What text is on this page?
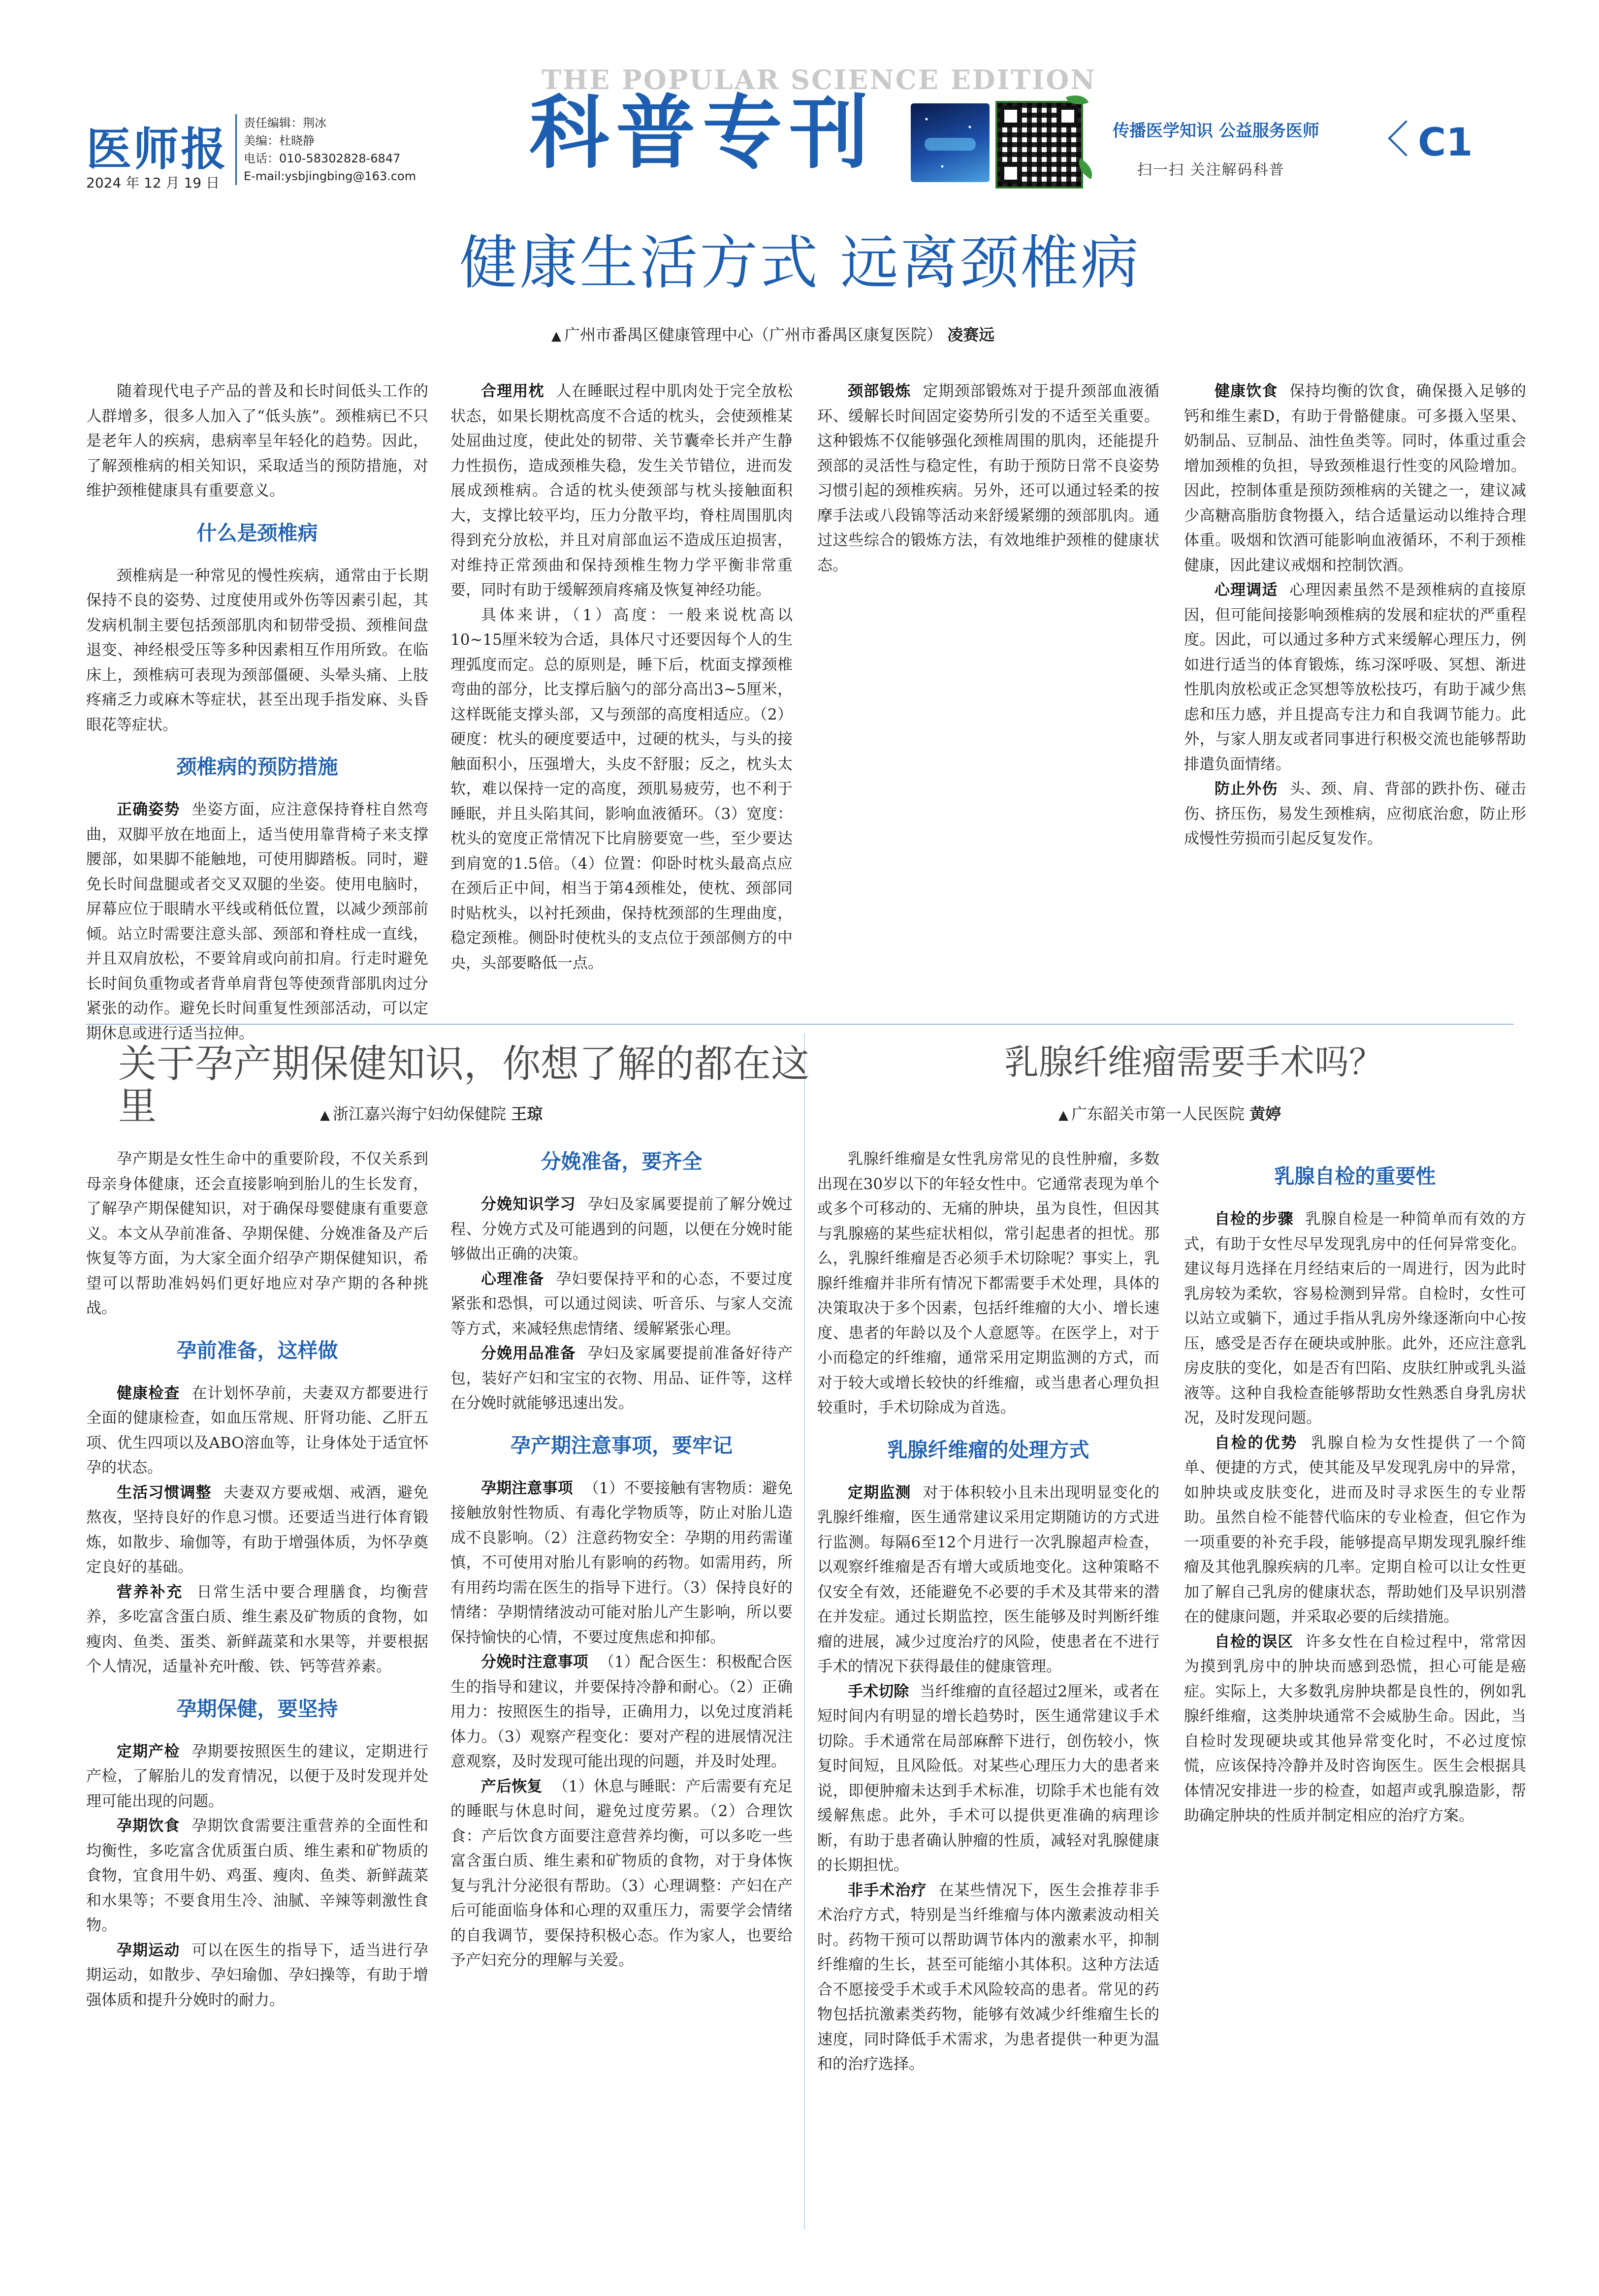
医师报
2024 年 12 月 19 日
责任编辑：荆冰
美编：杜晓静
电话：010-58302828-6847
E-mail:ysbjingbing@163.com
THE POPULAR SCIENCE EDITION
科普专刊	传播医学知识 公益服务医师
扫一扫 关注解码科普
C1
健康生活方式 远离颈椎病
▲ 广州市番禺区健康管理中心（广州市番禺区康复医院） 凌赛远

随着现代电子产品的普及和长时间低头工作的人群增多，很多人加入了“低头族”。颈椎病已不只是老年人的疾病，患病率呈年轻化的趋势。因此，了解颈椎病的相关知识，采取适当的预防措施，对维护颈椎健康具有重要意义。

什么是颈椎病

颈椎病是一种常见的慢性疾病，通常由于长期保持不良的姿势、过度使用或外伤等因素引起，其发病机制主要包括颈部肌肉和韧带受损、颈椎间盘退变、神经根受压等多种因素相互作用所致。在临床上，颈椎病可表现为颈部僵硬、头晕头痛、上肢疼痛乏力或麻木等症状，甚至出现手指发麻、头昏眼花等症状。

颈椎病的预防措施

正确姿势 坐姿方面，应注意保持脊柱自然弯曲，双脚平放在地面上，适当使用靠背椅子来支撑腰部，如果脚不能触地，可使用脚踏板。同时，避免长时间盘腿或者交叉双腿的坐姿。使用电脑时，屏幕应位于眼睛水平线或稍低位置，以减少颈部前倾。站立时需要注意头部、颈部和脊柱成一直线，并且双肩放松，不要耸肩或向前扣肩。行走时避免长时间负重物或者背单肩背包等使颈背部肌肉过分紧张的动作。避免长时间重复性颈部活动，可以定期休息或进行适当拉伸。

合理用枕 人在睡眠过程中肌肉处于完全放松状态，如果长期枕高度不合适的枕头，会使颈椎某处屈曲过度，使此处的韧带、关节囊牵长并产生静力性损伤，造成颈椎失稳，发生关节错位，进而发展成颈椎病。合适的枕头使颈部与枕头接触面积大，支撑比较平均，压力分散平均，脊柱周围肌肉得到充分放松，并且对肩部血运不造成压迫损害，对维持正常颈曲和保持颈椎生物力学平衡非常重要，同时有助于缓解颈肩疼痛及恢复神经功能。

具体来讲，（1）高度：一般来说枕高以10~15厘米较为合适，具体尺寸还要因每个人的生理弧度而定。总的原则是，睡下后，枕面支撑颈椎弯曲的部分，比支撑后脑勺的部分高出3~5厘米，这样既能支撑头部，又与颈部的高度相适应。（2）硬度：枕头的硬度要适中，过硬的枕头，与头的接触面积小，压强增大，头皮不舒服；反之，枕头太软，难以保持一定的高度，颈肌易疲劳，也不利于睡眠，并且头陷其间，影响血液循环。（3）宽度：枕头的宽度正常情况下比肩膀要宽一些，至少要达到肩宽的1.5倍。（4）位置：仰卧时枕头最高点应在颈后正中间，相当于第4颈椎处，使枕、颈部同时贴枕头，以衬托颈曲，保持枕颈部的生理曲度，稳定颈椎。侧卧时使枕头的支点位于颈部侧方的中央，头部要略低一点。

颈部锻炼 定期颈部锻炼对于提升颈部血液循环、缓解长时间固定姿势所引发的不适至关重要。这种锻炼不仅能够强化颈椎周围的肌肉，还能提升颈部的灵活性与稳定性，有助于预防日常不良姿势习惯引起的颈椎疾病。另外，还可以通过轻柔的按摩手法或八段锦等活动来舒缓紧绷的颈部肌肉。通过这些综合的锻炼方法，有效地维护颈椎的健康状态。

健康饮食 保持均衡的饮食，确保摄入足够的钙和维生素D，有助于骨骼健康。可多摄入坚果、奶制品、豆制品、油性鱼类等。同时，体重过重会增加颈椎的负担，导致颈椎退行性变的风险增加。因此，控制体重是预防颈椎病的关键之一，建议减少高糖高脂肪食物摄入，结合适量运动以维持合理体重。吸烟和饮酒可能影响血液循环，不利于颈椎健康，因此建议戒烟和控制饮酒。

心理调适 心理因素虽然不是颈椎病的直接原因，但可能间接影响颈椎病的发展和症状的严重程度。因此，可以通过多种方式来缓解心理压力，例如进行适当的体育锻炼，练习深呼吸、冥想、渐进性肌肉放松或正念冥想等放松技巧，有助于减少焦虑和压力感，并且提高专注力和自我调节能力。此外，与家人朋友或者同事进行积极交流也能够帮助排遣负面情绪。

防止外伤 头、颈、肩、背部的跌扑伤、碰击伤、挤压伤，易发生颈椎病，应彻底治愈，防止形成慢性劳损而引起反复发作。

关于孕产期保健知识，你想了解的都在这里	▲ 浙江嘉兴海宁妇幼保健院 王琼

孕产期是女性生命中的重要阶段，不仅关系到母亲身体健康，还会直接影响到胎儿的生长发育，了解孕产期保健知识，对于确保母婴健康有重要意义。本文从孕前准备、孕期保健、分娩准备及产后恢复等方面，为大家全面介绍孕产期保健知识，希望可以帮助准妈妈们更好地应对孕产期的各种挑战。

孕前准备，这样做

健康检查 在计划怀孕前，夫妻双方都要进行全面的健康检查，如血压常规、肝肾功能、乙肝五项、优生四项以及ABO溶血等，让身体处于适宜怀孕的状态。

生活习惯调整 夫妻双方要戒烟、戒酒，避免熬夜，坚持良好的作息习惯。还要适当进行体育锻炼，如散步、瑜伽等，有助于增强体质，为怀孕奠定良好的基础。

营养补充 日常生活中要合理膳食，均衡营养，多吃富含蛋白质、维生素及矿物质的食物，如瘦肉、鱼类、蛋类、新鲜蔬菜和水果等，并要根据个人情况，适量补充叶酸、铁、钙等营养素。

孕期保健，要坚持

定期产检 孕期要按照医生的建议，定期进行产检，了解胎儿的发育情况，以便于及时发现并处理可能出现的问题。

孕期饮食 孕期饮食需要注重营养的全面性和均衡性，多吃富含优质蛋白质、维生素和矿物质的食物，宜食用牛奶、鸡蛋、瘦肉、鱼类、新鲜蔬菜和水果等；不要食用生冷、油腻、辛辣等刺激性食物。

孕期运动 可以在医生的指导下，适当进行孕期运动，如散步、孕妇瑜伽、孕妇操等，有助于增强体质和提升分娩时的耐力。

分娩准备，要齐全

分娩知识学习 孕妇及家属要提前了解分娩过程、分娩方式及可能遇到的问题，以便在分娩时能够做出正确的决策。

心理准备 孕妇要保持平和的心态，不要过度紧张和恐惧，可以通过阅读、听音乐、与家人交流等方式，来减轻焦虑情绪、缓解紧张心理。

分娩用品准备 孕妇及家属要提前准备好待产包，装好产妇和宝宝的衣物、用品、证件等，这样在分娩时就能够迅速出发。

孕产期注意事项，要牢记

孕期注意事项 （1）不要接触有害物质：避免接触放射性物质、有毒化学物质等，防止对胎儿造成不良影响。（2）注意药物安全：孕期的用药需谨慎，不可使用对胎儿有影响的药物。如需用药，所有用药均需在医生的指导下进行。（3）保持良好的情绪：孕期情绪波动可能对胎儿产生影响，所以要保持愉快的心情，不要过度焦虑和抑郁。

分娩时注意事项 （1）配合医生：积极配合医生的指导和建议，并要保持冷静和耐心。（2）正确用力：按照医生的指导，正确用力，以免过度消耗体力。（3）观察产程变化：要对产程的进展情况注意观察，及时发现可能出现的问题，并及时处理。

产后恢复 （1）休息与睡眠：产后需要有充足的睡眠与休息时间，避免过度劳累。（2）合理饮食：产后饮食方面要注意营养均衡，可以多吃一些富含蛋白质、维生素和矿物质的食物，对于身体恢复与乳汁分泌很有帮助。（3）心理调整：产妇在产后可能面临身体和心理的双重压力，需要学会情绪的自我调节，要保持积极心态。作为家人，也要给予产妇充分的理解与关爱。

乳腺纤维瘤需要手术吗？
▲ 广东韶关市第一人民医院 黄婷

乳腺纤维瘤是女性乳房常见的良性肿瘤，多数出现在30岁以下的年轻女性中。它通常表现为单个或多个可移动的、无痛的肿块，虽为良性，但因其与乳腺癌的某些症状相似，常引起患者的担忧。那么，乳腺纤维瘤是否必须手术切除呢？事实上，乳腺纤维瘤并非所有情况下都需要手术处理，具体的决策取决于多个因素，包括纤维瘤的大小、增长速度、患者的年龄以及个人意愿等。在医学上，对于小而稳定的纤维瘤，通常采用定期监测的方式，而对于较大或增长较快的纤维瘤，或当患者心理负担较重时，手术切除成为首选。

乳腺纤维瘤的处理方式

定期监测 对于体积较小且未出现明显变化的乳腺纤维瘤，医生通常建议采用定期随访的方式进行监测。每隔6至12个月进行一次乳腺超声检查，以观察纤维瘤是否有增大或质地变化。这种策略不仅安全有效，还能避免不必要的手术及其带来的潜在并发症。通过长期监控，医生能够及时判断纤维瘤的进展，减少过度治疗的风险，使患者在不进行手术的情况下获得最佳的健康管理。

手术切除 当纤维瘤的直径超过2厘米，或者在短时间内有明显的增长趋势时，医生通常建议手术切除。手术通常在局部麻醉下进行，创伤较小，恢复时间短，且风险低。对某些心理压力大的患者来说，即便肿瘤未达到手术标准，切除手术也能有效缓解焦虑。此外，手术可以提供更准确的病理诊断，有助于患者确认肿瘤的性质，减轻对乳腺健康的长期担忧。

非手术治疗 在某些情况下，医生会推荐非手术治疗方式，特别是当纤维瘤与体内激素波动相关时。药物干预可以帮助调节体内的激素水平，抑制纤维瘤的生长，甚至可能缩小其体积。这种方法适合不愿接受手术或手术风险较高的患者。常见的药物包括抗激素类药物，能够有效减少纤维瘤生长的速度，同时降低手术需求，为患者提供一种更为温和的治疗选择。

乳腺自检的重要性

自检的步骤 乳腺自检是一种简单而有效的方式，有助于女性尽早发现乳房中的任何异常变化。建议每月选择在月经结束后的一周进行，因为此时乳房较为柔软，容易检测到异常。自检时，女性可以站立或躺下，通过手指从乳房外缘逐渐向中心按压，感受是否存在硬块或肿胀。此外，还应注意乳房皮肤的变化，如是否有凹陷、皮肤红肿或乳头溢液等。这种自我检查能够帮助女性熟悉自身乳房状况，及时发现问题。

自检的优势 乳腺自检为女性提供了一个简单、便捷的方式，使其能及早发现乳房中的异常，如肿块或皮肤变化，进而及时寻求医生的专业帮助。虽然自检不能替代临床的专业检查，但它作为一项重要的补充手段，能够提高早期发现乳腺纤维瘤及其他乳腺疾病的几率。定期自检可以让女性更加了解自己乳房的健康状态，帮助她们及早识别潜在的健康问题，并采取必要的后续措施。

自检的误区 许多女性在自检过程中，常常因为摸到乳房中的肿块而感到恐慌，担心可能是癌症。实际上，大多数乳房肿块都是良性的，例如乳腺纤维瘤，这类肿块通常不会威胁生命。因此，当自检时发现硬块或其他异常变化时，不必过度惊慌，应该保持冷静并及时咨询医生。医生会根据具体情况安排进一步的检查，如超声或乳腺造影，帮助确定肿块的性质并制定相应的治疗方案。
